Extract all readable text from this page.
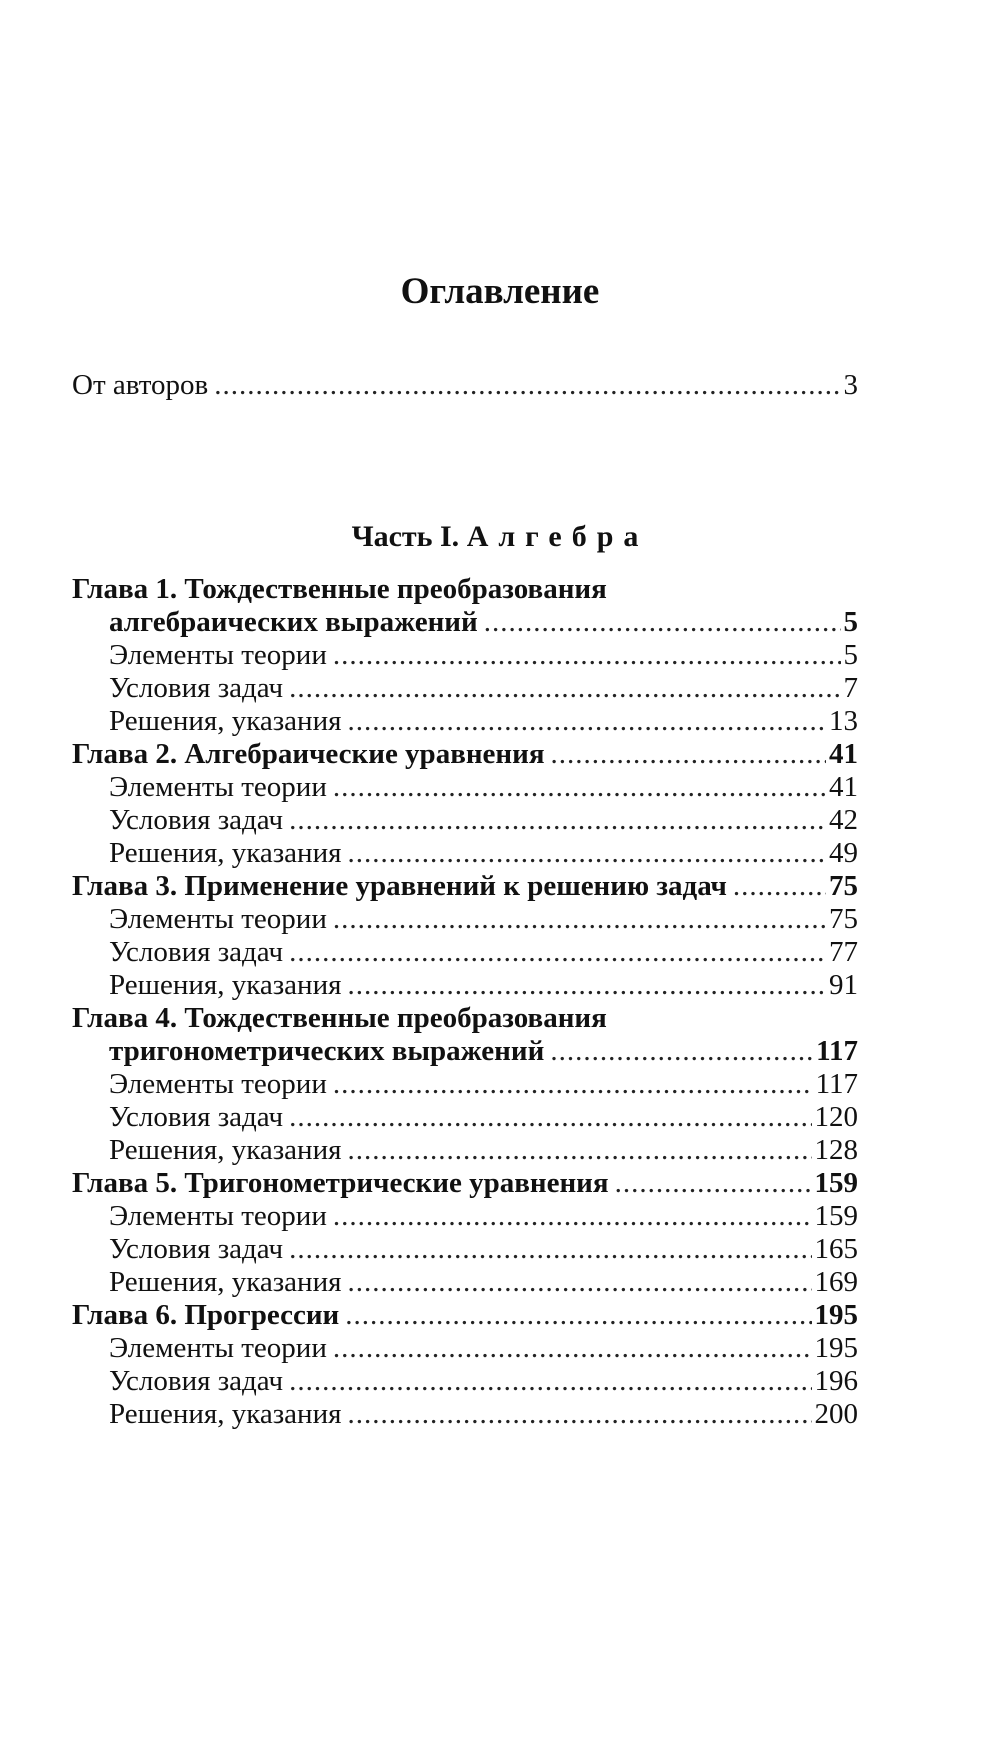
Оглавление
От авторов .....	3
Часть I. Алгебра
Глава 1. Тождественные преобразования
алгебраических выражений .....	5
Элементы теории .....	5
Условия задач .....	7
Решения, указания .....	13
Глава 2. Алгебраические уравнения .....	41
Элементы теории .....	41
Условия задач .....	42
Решения, указания .....	49
Глава 3. Применение уравнений к решению задач .....	75
Элементы теории .....	75
Условия задач .....	77
Решения, указания .....	91
Глава 4. Тождественные преобразования
тригонометрических выражений .....	117
Элементы теории .....	117
Условия задач .....	120
Решения, указания .....	128
Глава 5. Тригонометрические уравнения .....	159
Элементы теории .....	159
Условия задач .....	165
Решения, указания .....	169
Глава 6. Прогрессии .....	195
Элементы теории .....	195
Условия задач .....	196
Решения, указания .....	200
